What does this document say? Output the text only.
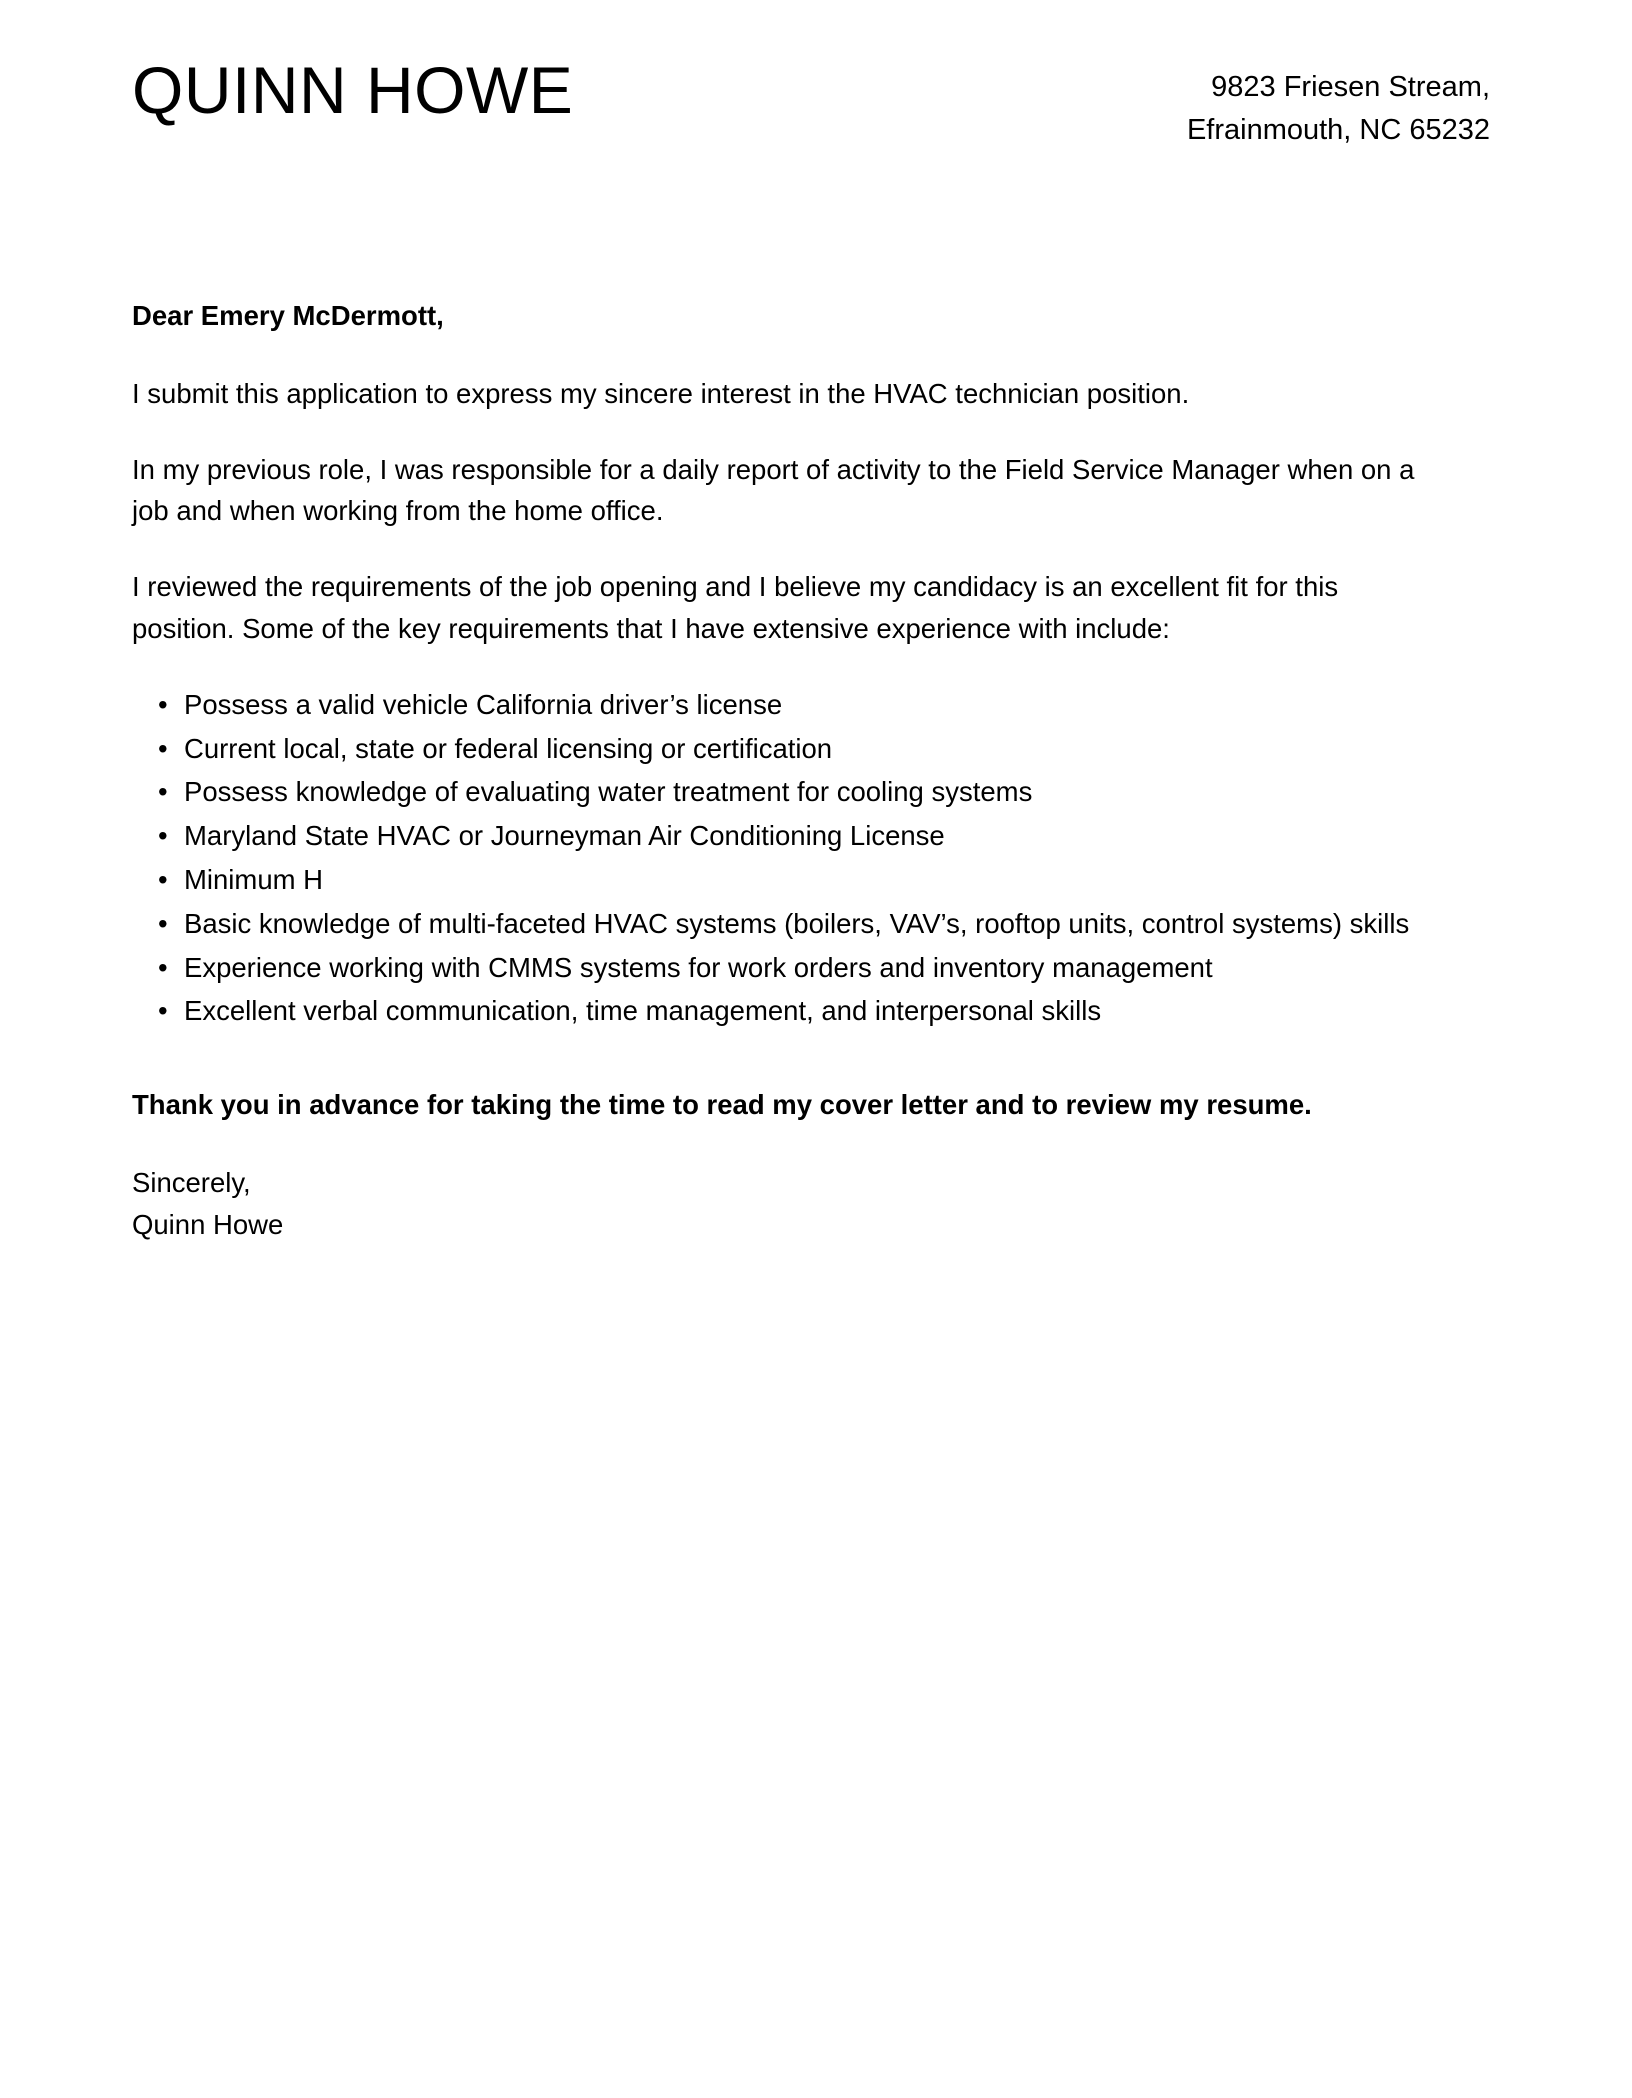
QUINN HOWE	9823 Friesen Stream,
Efrainmouth, NC 65232

Dear Emery McDermott,

I submit this application to express my sincere interest in the HVAC technician position.

In my previous role, I was responsible for a daily report of activity to the Field Service Manager when on a job and when working from the home office.

I reviewed the requirements of the job opening and I believe my candidacy is an excellent fit for this position. Some of the key requirements that I have extensive experience with include:

• Possess a valid vehicle California driver’s license
• Current local, state or federal licensing or certification
• Possess knowledge of evaluating water treatment for cooling systems
• Maryland State HVAC or Journeyman Air Conditioning License
• Minimum H
• Basic knowledge of multi-faceted HVAC systems (boilers, VAV’s, rooftop units, control systems) skills
• Experience working with CMMS systems for work orders and inventory management
• Excellent verbal communication, time management, and interpersonal skills

Thank you in advance for taking the time to read my cover letter and to review my resume.

Sincerely,
Quinn Howe
